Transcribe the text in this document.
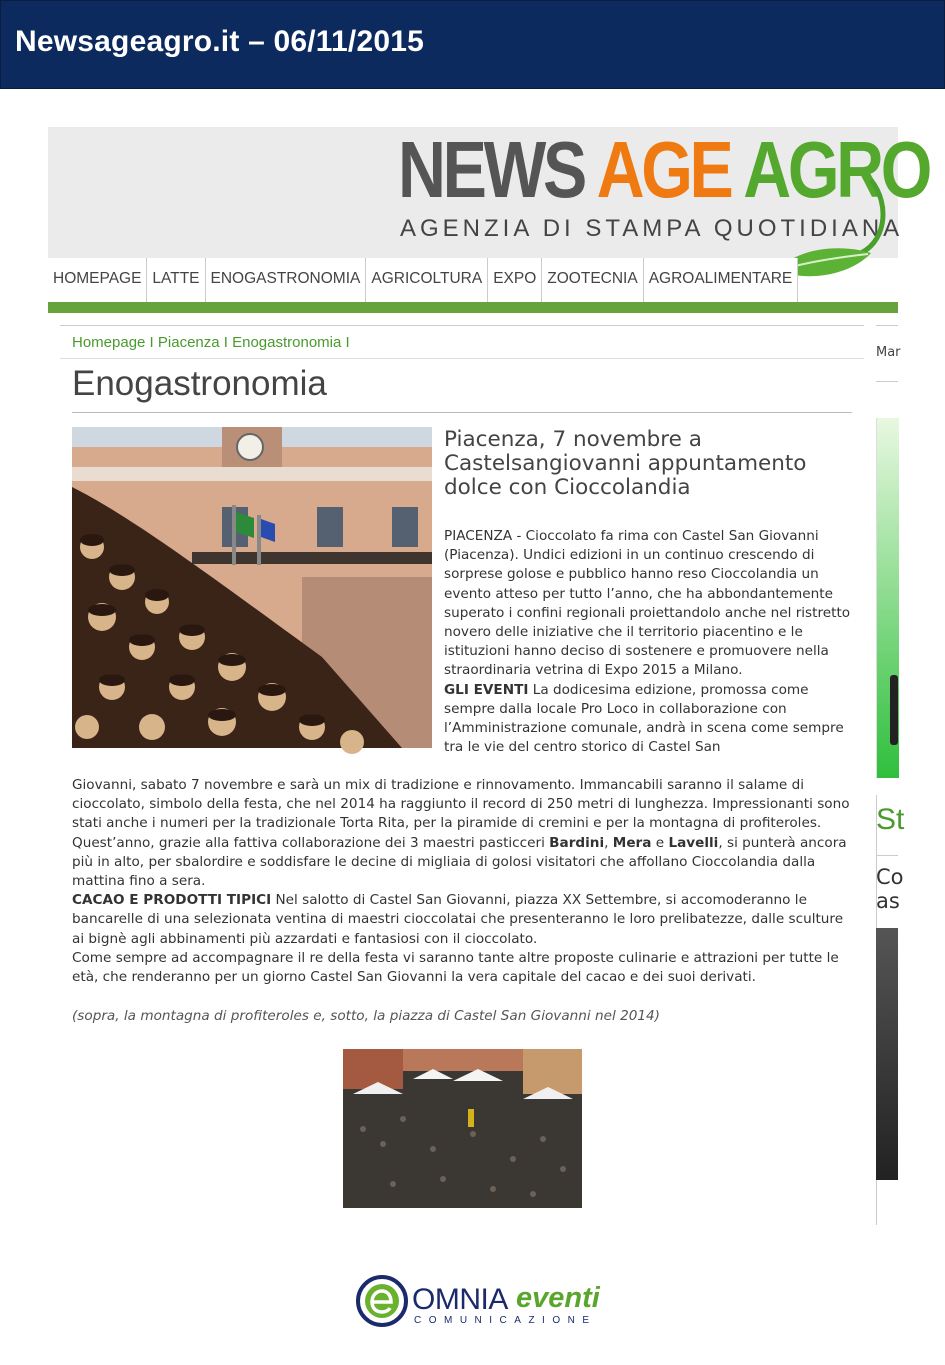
Newsageagro.it – 06/11/2015
NEWS AGE AGRO
AGENZIA DI STAMPA QUOTIDIANA
HOMEPAGE LATTE ENOGASTRONOMIA AGRICOLTURA EXPO ZOOTECNIA AGROALIMENTARE
Homepage I Piacenza I Enogastronomia I
Enogastronomia
Piacenza, 7 novembre a Castelsangiovanni appuntamento dolce con Cioccolandia
PIACENZA - Cioccolato fa rima con Castel San Giovanni (Piacenza). Undici edizioni in un continuo crescendo di sorprese golose e pubblico hanno reso Cioccolandia un evento atteso per tutto l’anno, che ha abbondantemente superato i confini regionali proiettandolo anche nel ristretto novero delle iniziative che il territorio piacentino e le istituzioni hanno deciso di sostenere e promuovere nella straordinaria vetrina di Expo 2015 a Milano.
GLI EVENTI La dodicesima edizione, promossa come sempre dalla locale Pro Loco in collaborazione con l’Amministrazione comunale, andrà in scena come sempre tra le vie del centro storico di Castel San
Giovanni, sabato 7 novembre e sarà un mix di tradizione e rinnovamento. Immancabili saranno il salame di cioccolato, simbolo della festa, che nel 2014 ha raggiunto il record di 250 metri di lunghezza. Impressionanti sono stati anche i numeri per la tradizionale Torta Rita, per la piramide di cremini e per la montagna di profiteroles. Quest’anno, grazie alla fattiva collaborazione dei 3 maestri pasticceri Bardini, Mera e Lavelli, si punterà ancora più in alto, per sbalordire e soddisfare le decine di migliaia di golosi visitatori che affollano Cioccolandia dalla mattina fino a sera.
CACAO E PRODOTTI TIPICI Nel salotto di Castel San Giovanni, piazza XX Settembre, si accomoderanno le bancarelle di una selezionata ventina di maestri cioccolatai che presenteranno le loro prelibatezze, dalle sculture ai bignè agli abbinamenti più azzardati e fantasiosi con il cioccolato.
Come sempre ad accompagnare il re della festa vi saranno tante altre proposte culinarie e attrazioni per tutte le età, che renderanno per un giorno Castel San Giovanni la vera capitale del cacao e dei suoi derivati.
(sopra, la montagna di profiteroles e, sotto, la piazza di Castel San Giovanni nel 2014)
Mar
St
Co
as
OMNIA eventi
COMUNICAZIONE
